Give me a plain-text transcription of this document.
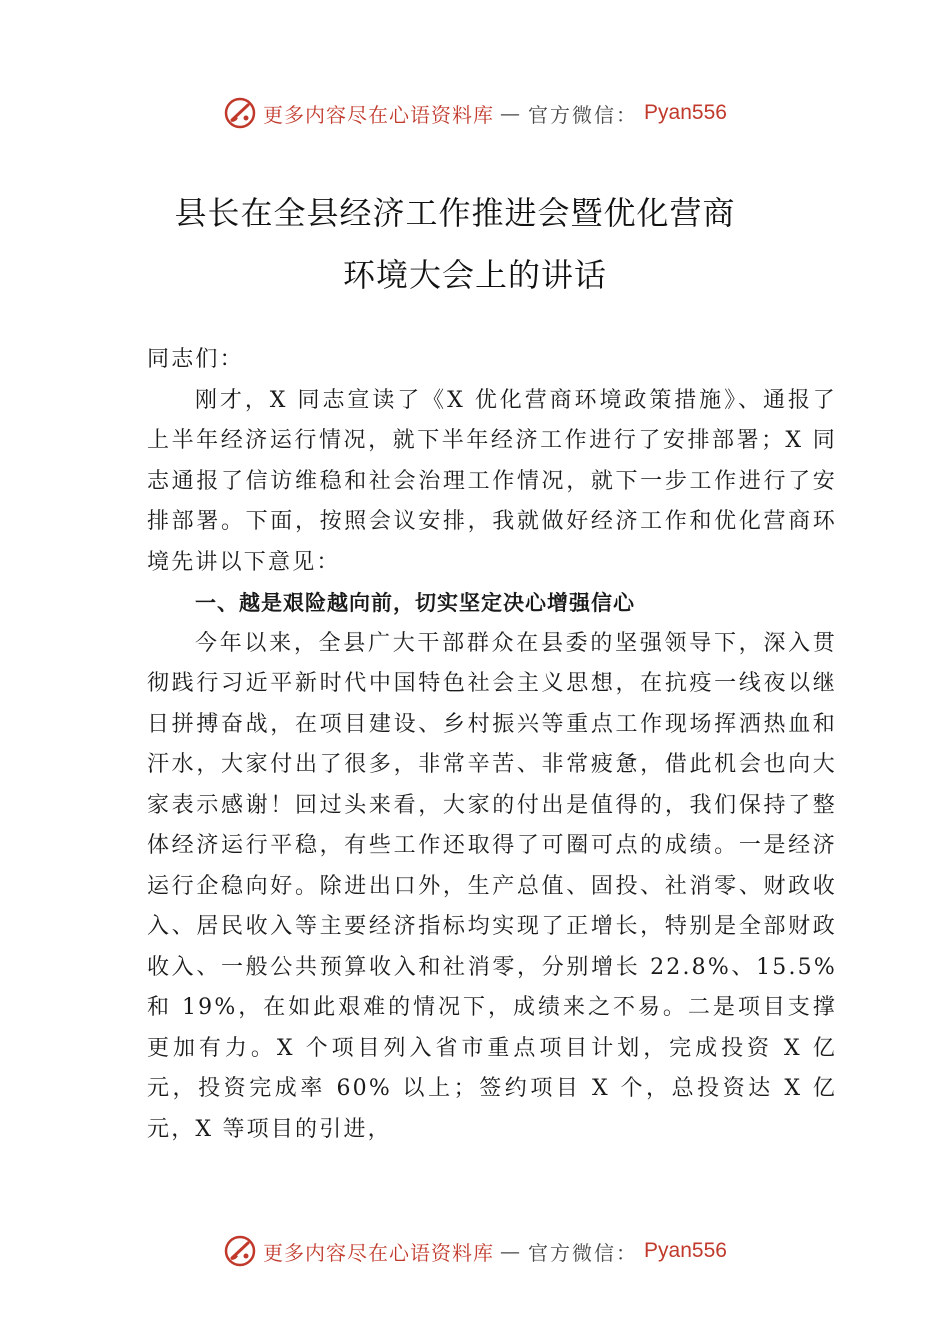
更多内容尽在心语资料库 — 官方微信： Pyan556
县长在全县经济工作推进会暨优化营商
环境大会上的讲话

同志们：

刚才，X 同志宣读了《X 优化营商环境政策措施》、通报了上半年经济运行情况，就下半年经济工作进行了安排部署；X 同志通报了信访维稳和社会治理工作情况，就下一步工作进行了安排部署。下面，按照会议安排，我就做好经济工作和优化营商环境先讲以下意见：

一、越是艰险越向前，切实坚定决心增强信心

今年以来，全县广大干部群众在县委的坚强领导下，深入贯彻践行习近平新时代中国特色社会主义思想，在抗疫一线夜以继日拼搏奋战，在项目建设、乡村振兴等重点工作现场挥洒热血和汗水，大家付出了很多，非常辛苦、非常疲惫，借此机会也向大家表示感谢！回过头来看，大家的付出是值得的，我们保持了整体经济运行平稳，有些工作还取得了可圈可点的成绩。一是经济运行企稳向好。除进出口外，生产总值、固投、社消零、财政收入、居民收入等主要经济指标均实现了正增长，特别是全部财政收入、一般公共预算收入和社消零，分别增长 22.8%、15.5%和 19%，在如此艰难的情况下，成绩来之不易。二是项目支撑更加有力。X 个项目列入省市重点项目计划，完成投资 X 亿元，投资完成率 60% 以上；签约项目 X 个，总投资达 X 亿元，X 等项目的引进，

更多内容尽在心语资料库 — 官方微信： Pyan556
